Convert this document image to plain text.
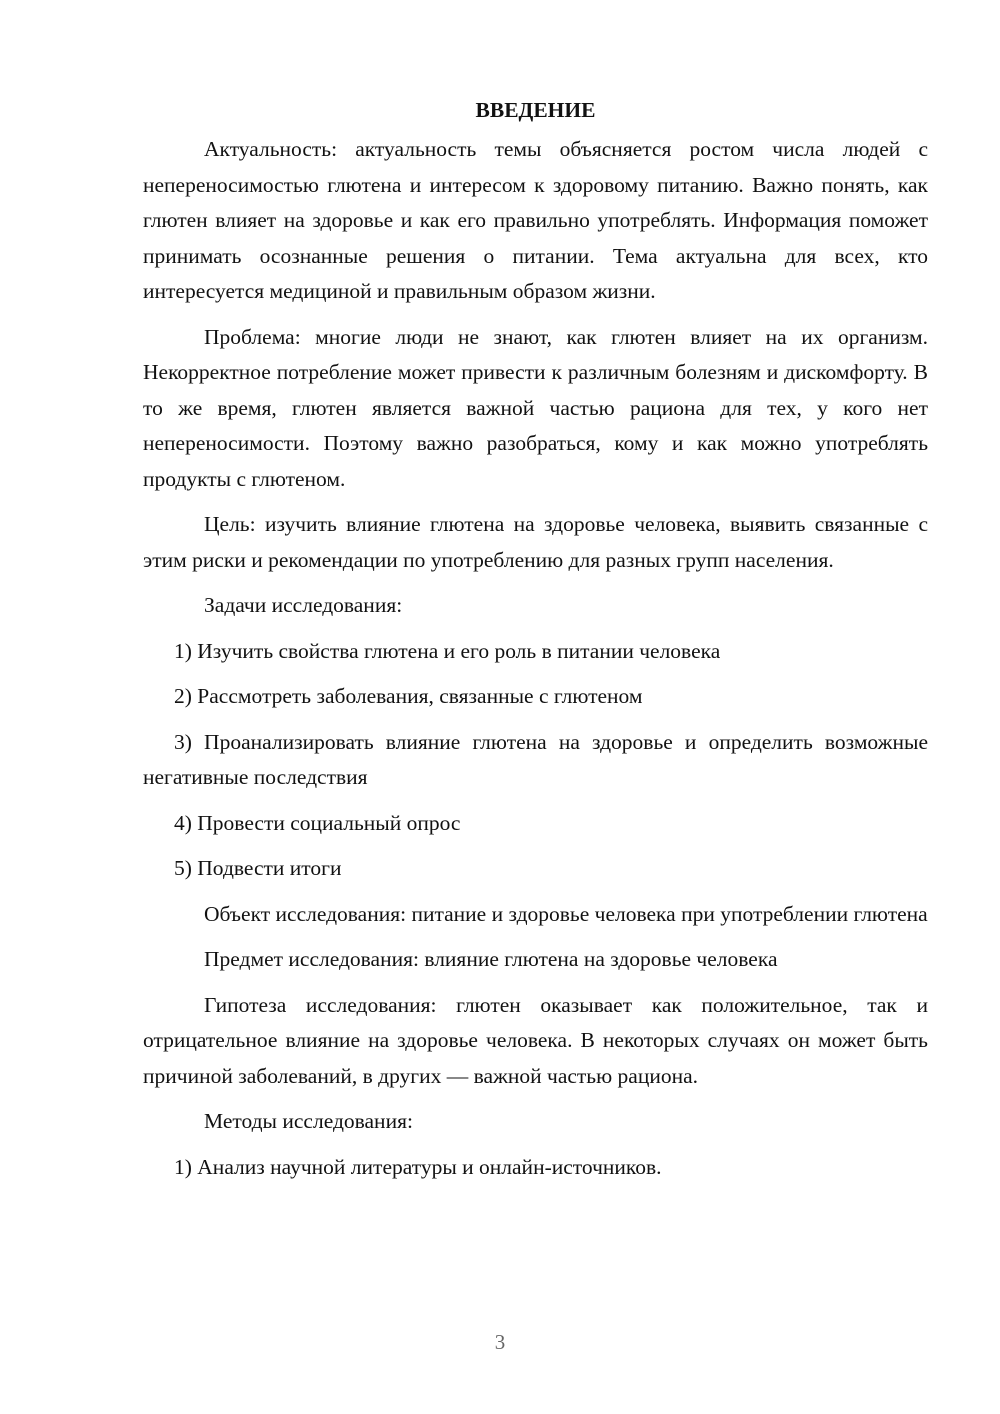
ВВЕДЕНИЕ

Актуальность: актуальность темы объясняется ростом числа людей с непереносимостью глютена и интересом к здоровому питанию. Важно понять, как глютен влияет на здоровье и как его правильно употреблять. Информация поможет принимать осознанные решения о питании. Тема актуальна для всех, кто интересуется медициной и правильным образом жизни.

Проблема: многие люди не знают, как глютен влияет на их организм. Некорректное потребление может привести к различным болезням и дискомфорту. В то же время, глютен является важной частью рациона для тех, у кого нет непереносимости. Поэтому важно разобраться, кому и как можно употреблять продукты с глютеном.

Цель: изучить влияние глютена на здоровье человека, выявить связанные с этим риски и рекомендации по употреблению для разных групп населения.

Задачи исследования:

1) Изучить свойства глютена и его роль в питании человека

2) Рассмотреть заболевания, связанные с глютеном

3) Проанализировать влияние глютена на здоровье и определить возможные негативные последствия

4) Провести социальный опрос

5) Подвести итоги

Объект исследования: питание и здоровье человека при употреблении глютена

Предмет исследования: влияние глютена на здоровье человека

Гипотеза исследования: глютен оказывает как положительное, так и отрицательное влияние на здоровье человека. В некоторых случаях он может быть причиной заболеваний, в других — важной частью рациона.

Методы исследования:

1) Анализ научной литературы и онлайн-источников.

3
